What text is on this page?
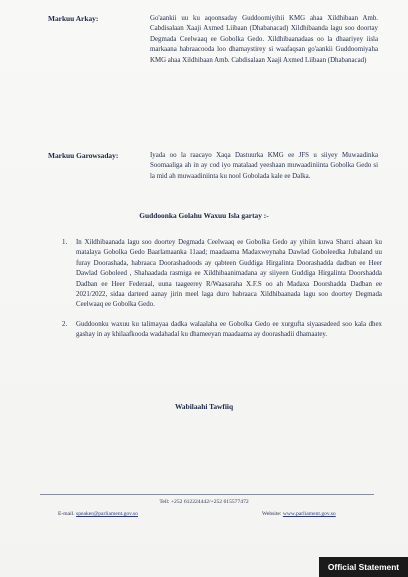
Markuu Arkay:	Go'aankii uu ku aqoonsaday Guddoomiyihii KMG ahaa Xildhibaan Amb. Cabdisalaan Xaaji Axmed Liibaan (Dhabanacad) Xildhibaanda lagu soo doortay Degmada Ceelwaaq ee Gobolka Gedo. Xildhibaanadaas oo la dhaariyey iisla markaana habraacooda loo dhamaystirey si waafaqsan go'aankii Guddoomiyaha KMG ahaa Xildhibaan Amb. Cabdisalaan Xaaji Axmed Liibaan (Dhabanacad)
Markuu Garowsaday:	Iyada oo la raacayo Xaqa Dastuurka KMG ee JFS u siiyey Muwaadinka Soomaaliga ah in ay cod iyo matalaad yeeshaan muwaadiniinta Gobolka Gedo si la mid ah muwaadiniinta ku nool Gobolada kale ee Dalka.
Guddoonka Golahu Waxuu Isla gartay :-
1.	In Xildhibaanada lagu soo doortey Degmada Ceelwaaq ee Gobolka Gedo ay yihiin kuwa Sharci ahaan ku matalaya Gobolka Gedo Baarlamaanka 11aad; maadaama Madaxweynaha Dawlad Goboleedka Jubaland uu furay Doorashada, habraaca Doorashadoods ay qabteen Guddiga Hirgalinta Doorashadda dadban ee Heer Dawlad Goboleed , Shahaadada rasmiga ee Xildhibaanimadana ay siiyeen Guddiga Hirgalinta Doorshadda Dadban ee Heer Federaal, uuna taageerey R/Waasaraha X.F.S oo ah Madaxa Doorshadda Dadban ee 2021/2022, sidaa darteed aanay jirin meel laga duro habraaca Xildhibaanada lagu soo doortey Degmada Ceelwaaq ee Gobolka Gedo.
2.	Guddoonku waxuu ku talimayaa dadka walaalaha ee Gobolka Gedo ee xurgufta siyaasadeed soo kala dhex gashay in ay khilaafkooda wadahadal ku dhameeyan maadaama ay doorashadii dhamaatey.
Wabilaahi Tawfiiq
Tell: +252 612224442/+252 615577472
E-mail. speaker@parliament.gov.so	Website: www.parliament.gov.so
Official Statement
